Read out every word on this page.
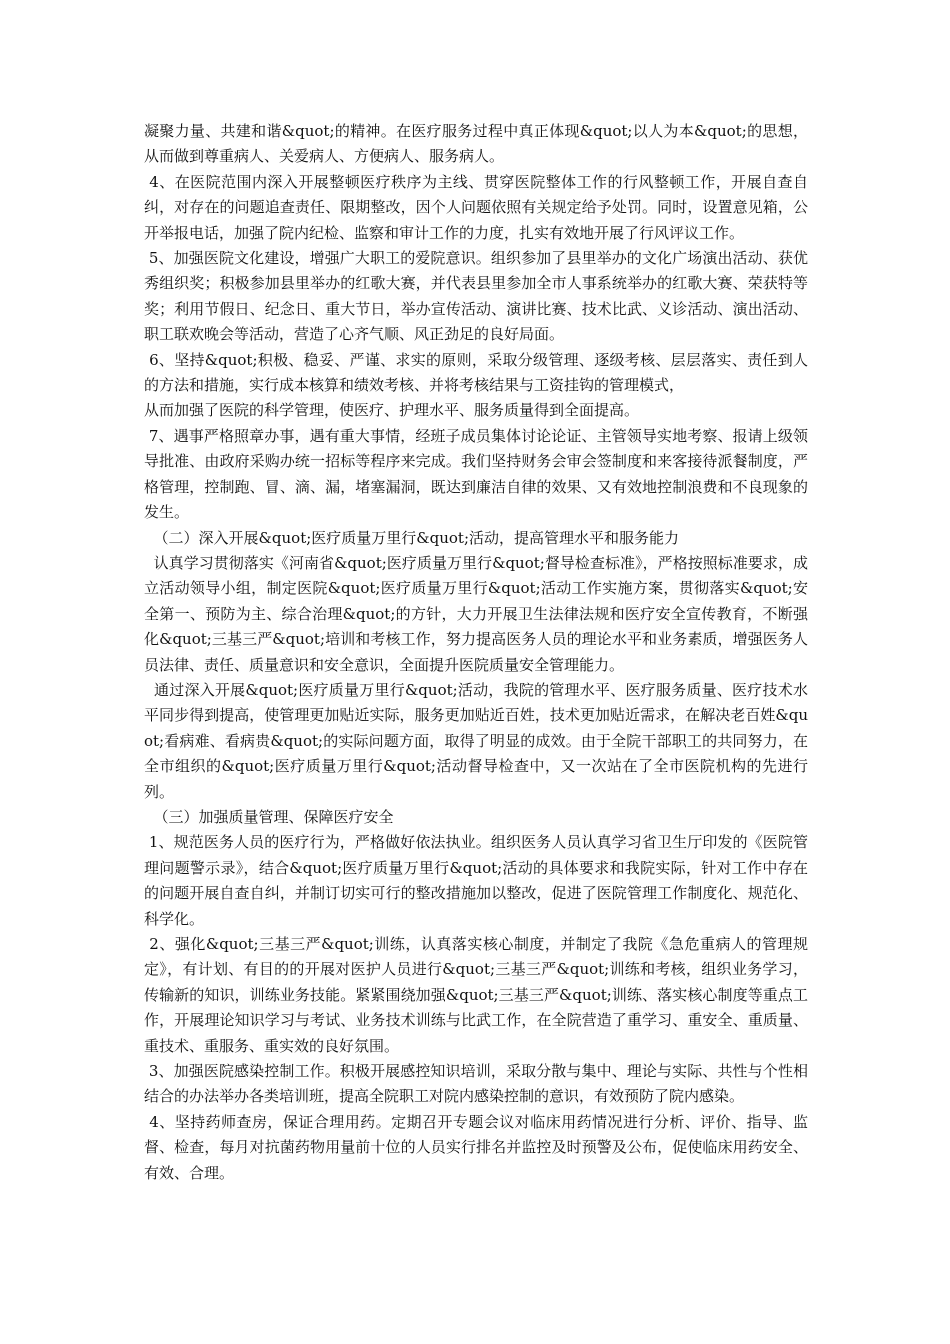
凝聚力量、共建和谐&quot;的精神。在医疗服务过程中真正体现&quot;以人为本&quot;的思想，从而做到尊重病人、关爱病人、方便病人、服务病人。

4、在医院范围内深入开展整顿医疗秩序为主线、贯穿医院整体工作的行风整顿工作，开展自查自纠，对存在的问题追查责任、限期整改，因个人问题依照有关规定给予处罚。同时，设置意见箱，公开举报电话，加强了院内纪检、监察和审计工作的力度，扎实有效地开展了行风评议工作。

5、加强医院文化建设，增强广大职工的爱院意识。组织参加了县里举办的文化广场演出活动、获优秀组织奖；积极参加县里举办的红歌大赛，并代表县里参加全市人事系统举办的红歌大赛、荣获特等奖；利用节假日、纪念日、重大节日，举办宣传活动、演讲比赛、技术比武、义诊活动、演出活动、职工联欢晚会等活动，营造了心齐气顺、风正劲足的良好局面。

6、坚持&quot;积极、稳妥、严谨、求实的原则，采取分级管理、逐级考核、层层落实、责任到人的方法和措施，实行成本核算和绩效考核、并将考核结果与工资挂钩的管理模式，

从而加强了医院的科学管理，使医疗、护理水平、服务质量得到全面提高。

7、遇事严格照章办事，遇有重大事情，经班子成员集体讨论论证、主管领导实地考察、报请上级领导批准、由政府采购办统一招标等程序来完成。我们坚持财务会审会签制度和来客接待派餐制度，严格管理，控制跑、冒、滴、漏，堵塞漏洞，既达到廉洁自律的效果、又有效地控制浪费和不良现象的发生。

（二）深入开展&quot;医疗质量万里行&quot;活动，提高管理水平和服务能力

认真学习贯彻落实《河南省&quot;医疗质量万里行&quot;督导检查标准》，严格按照标准要求，成立活动领导小组，制定医院&quot;医疗质量万里行&quot;活动工作实施方案，贯彻落实&quot;安全第一、预防为主、综合治理&quot;的方针，大力开展卫生法律法规和医疗安全宣传教育，不断强化&quot;三基三严&quot;培训和考核工作，努力提高医务人员的理论水平和业务素质，增强医务人员法律、责任、质量意识和安全意识，全面提升医院质量安全管理能力。

通过深入开展&quot;医疗质量万里行&quot;活动，我院的管理水平、医疗服务质量、医疗技术水平同步得到提高，使管理更加贴近实际，服务更加贴近百姓，技术更加贴近需求，在解决老百姓&quot;看病难、看病贵&quot;的实际问题方面，取得了明显的成效。由于全院干部职工的共同努力，在全市组织的&quot;医疗质量万里行&quot;活动督导检查中，又一次站在了全市医院机构的先进行列。

（三）加强质量管理、保障医疗安全

1、规范医务人员的医疗行为，严格做好依法执业。组织医务人员认真学习省卫生厅印发的《医院管理问题警示录》，结合&quot;医疗质量万里行&quot;活动的具体要求和我院实际，针对工作中存在的问题开展自查自纠，并制订切实可行的整改措施加以整改，促进了医院管理工作制度化、规范化、科学化。

2、强化&quot;三基三严&quot;训练，认真落实核心制度，并制定了我院《急危重病人的管理规定》，有计划、有目的的开展对医护人员进行&quot;三基三严&quot;训练和考核，组织业务学习，传输新的知识，训练业务技能。紧紧围绕加强&quot;三基三严&quot;训练、落实核心制度等重点工作，开展理论知识学习与考试、业务技术训练与比武工作，在全院营造了重学习、重安全、重质量、重技术、重服务、重实效的良好氛围。

3、加强医院感染控制工作。积极开展感控知识培训，采取分散与集中、理论与实际、共性与个性相结合的办法举办各类培训班，提高全院职工对院内感染控制的意识，有效预防了院内感染。

4、坚持药师查房，保证合理用药。定期召开专题会议对临床用药情况进行分析、评价、指导、监督、检查，每月对抗菌药物用量前十位的人员实行排名并监控及时预警及公布，促使临床用药安全、有效、合理。
